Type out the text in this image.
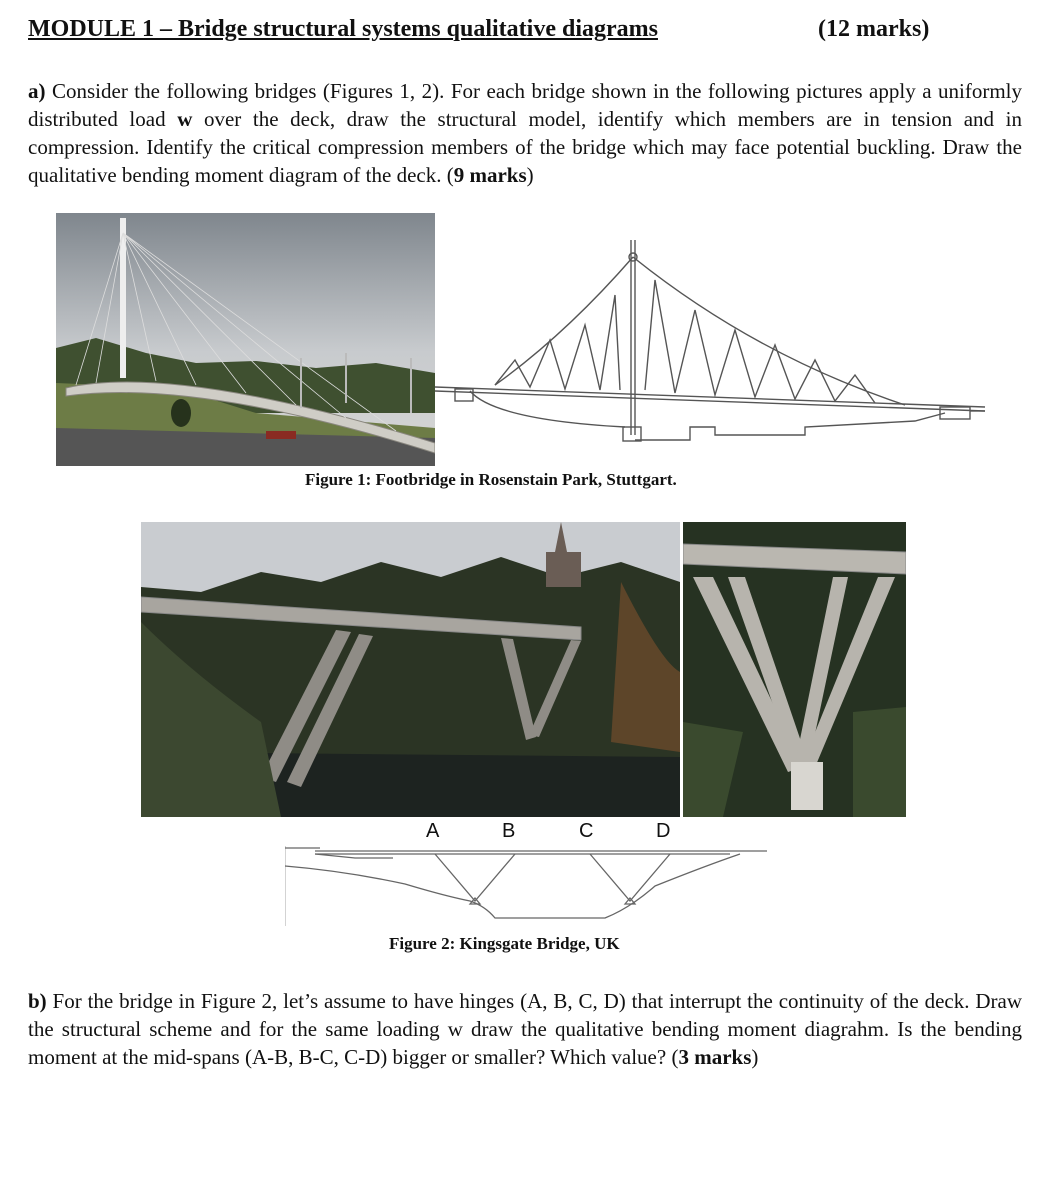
MODULE 1 – Bridge structural systems qualitative diagrams	(12 marks)
a) Consider the following bridges (Figures 1, 2). For each bridge shown in the following pictures apply a uniformly distributed load w over the deck, draw the structural model, identify which members are in tension and in compression. Identify the critical compression members of the bridge which may face potential buckling. Draw the qualitative bending moment diagram of the deck. (9 marks)
Figure 1: Footbridge in Rosenstain Park, Stuttgart.
A	B	C	D
Figure 2: Kingsgate Bridge, UK
b) For the bridge in Figure 2, let’s assume to have hinges (A, B, C, D) that interrupt the continuity of the deck. Draw the structural scheme and for the same loading w draw the qualitative bending moment diagrahm. Is the bending moment at the mid-spans (A-B, B-C, C-D) bigger or smaller? Which value? (3 marks)
